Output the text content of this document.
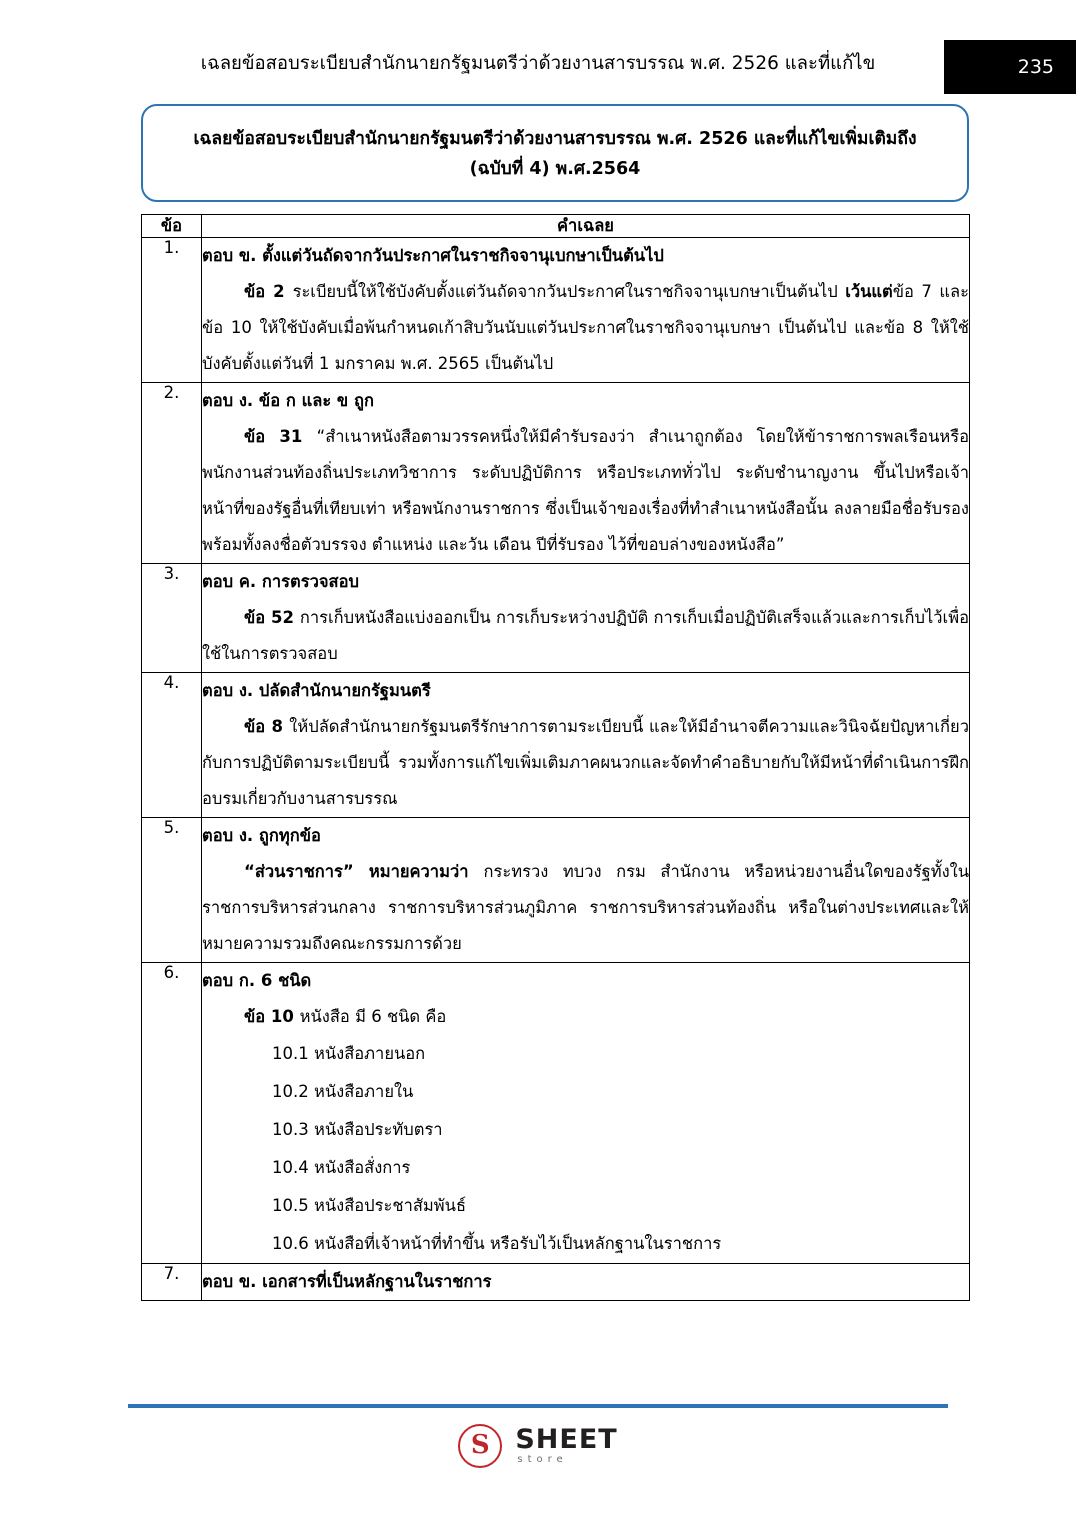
เฉลยข้อสอบระเบียบสำนักนายกรัฐมนตรีว่าด้วยงานสารบรรณ พ.ศ. 2526 และที่แก้ไข	235
เฉลยข้อสอบระเบียบสำนักนายกรัฐมนตรีว่าด้วยงานสารบรรณ พ.ศ. 2526 และที่แก้ไขเพิ่มเติมถึง
(ฉบับที่ 4) พ.ศ.2564
ข้อ	คำเฉลย
1.	ตอบ ข. ตั้งแต่วันถัดจากวันประกาศในราชกิจจานุเบกษาเป็นต้นไป
ข้อ 2 ระเบียบนี้ให้ใช้บังคับตั้งแต่วันถัดจากวันประกาศในราชกิจจานุเบกษาเป็นต้นไป เว้นแต่ข้อ 7 และข้อ 10 ให้ใช้บังคับเมื่อพ้นกำหนดเก้าสิบวันนับแต่วันประกาศในราชกิจจานุเบกษา เป็นต้นไป และข้อ 8 ให้ใช้บังคับตั้งแต่วันที่ 1 มกราคม พ.ศ. 2565 เป็นต้นไป

2.	ตอบ ง. ข้อ ก และ ข ถูก
ข้อ 31 “สำเนาหนังสือตามวรรคหนึ่งให้มีคำรับรองว่า สำเนาถูกต้อง โดยให้ข้าราชการพลเรือนหรือพนักงานส่วนท้องถิ่นประเภทวิชาการ ระดับปฏิบัติการ หรือประเภททั่วไป ระดับชำนาญงาน ขึ้นไปหรือเจ้าหน้าที่ของรัฐอื่นที่เทียบเท่า หรือพนักงานราชการ ซึ่งเป็นเจ้าของเรื่องที่ทำสำเนาหนังสือนั้น ลงลายมือชื่อรับรอง พร้อมทั้งลงชื่อตัวบรรจง ตำแหน่ง และวัน เดือน ปีที่รับรอง ไว้ที่ขอบล่างของหนังสือ”

3.	ตอบ ค. การตรวจสอบ
ข้อ 52 การเก็บหนังสือแบ่งออกเป็น การเก็บระหว่างปฏิบัติ การเก็บเมื่อปฏิบัติเสร็จแล้วและการเก็บไว้เพื่อใช้ในการตรวจสอบ

4.	ตอบ ง. ปลัดสำนักนายกรัฐมนตรี
ข้อ 8 ให้ปลัดสำนักนายกรัฐมนตรีรักษาการตามระเบียบนี้ และให้มีอำนาจตีความและวินิจฉัยปัญหาเกี่ยวกับการปฏิบัติตามระเบียบนี้ รวมทั้งการแก้ไขเพิ่มเติมภาคผนวกและจัดทำคำอธิบายกับให้มีหน้าที่ดำเนินการฝึกอบรมเกี่ยวกับงานสารบรรณ

5.	ตอบ ง. ถูกทุกข้อ
“ส่วนราชการ” หมายความว่า กระทรวง ทบวง กรม สำนักงาน หรือหน่วยงานอื่นใดของรัฐทั้งในราชการบริหารส่วนกลาง ราชการบริหารส่วนภูมิภาค ราชการบริหารส่วนท้องถิ่น หรือในต่างประเทศและให้หมายความรวมถึงคณะกรรมการด้วย

6.	ตอบ ก. 6 ชนิด
ข้อ 10 หนังสือ มี 6 ชนิด คือ
10.1 หนังสือภายนอก
10.2 หนังสือภายใน
10.3 หนังสือประทับตรา
10.4 หนังสือสั่งการ
10.5 หนังสือประชาสัมพันธ์
10.6 หนังสือที่เจ้าหน้าที่ทำขึ้น หรือรับไว้เป็นหลักฐานในราชการ

7.	ตอบ ข. เอกสารที่เป็นหลักฐานในราชการ
S SHEET
store
